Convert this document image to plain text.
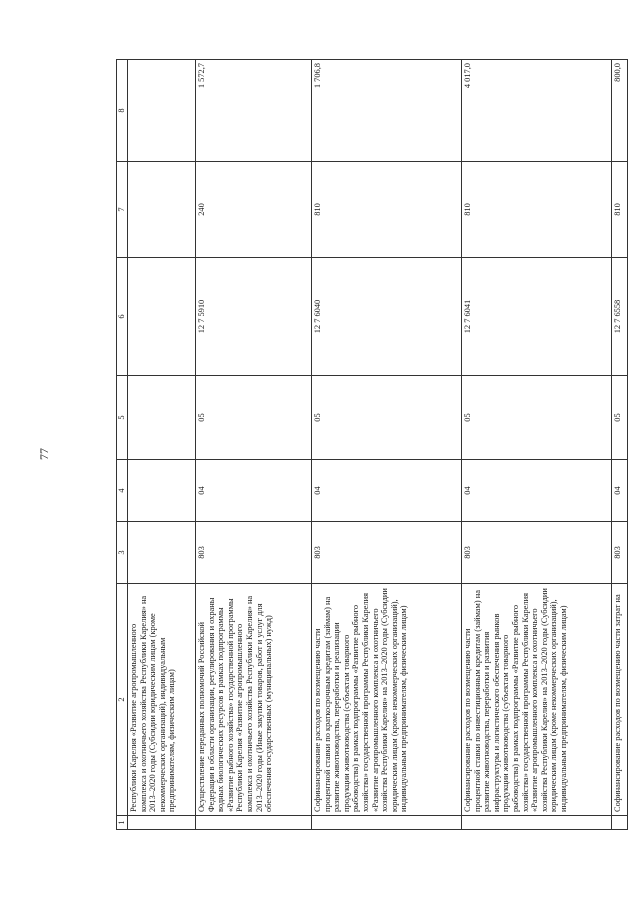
77
1	2	3	4	5	6	7	8
	Республики Карелия «Развитие агропромышленного комплекса и охотничьего хозяйства Республики Карелия» на 2013–2020 годы (Субсидии юридическим лицам (кроме некоммерческих организаций), индивидуальным предпринимателям, физическим лицам)						
	Осуществление переданных полномочий Российской Федерации в области организации, регулирования и охраны водных биологических ресурсов в рамках подпрограммы «Развитие рыбного хозяйства» государственной программы Республики Карелия «Развитие агропромышленного комплекса и охотничьего хозяйства Республики Карелия» на 2013–2020 годы (Иные закупки товаров, работ и услуг для обеспечения государственных (муниципальных) нужд)	803	04	05	12 7 5910	240	1 572,7
	Софинансирование расходов по возмещению части процентной ставки по краткосрочным кредитам (займам) на развитие животноводства, переработки и реализации продукции животноводства (субъектам товарного рыбоводства) в рамках подпрограммы «Развитие рыбного хозяйства» государственной программы Республики Карелия «Развитие агропромышленного комплекса и охотничьего хозяйства Республики Карелия» на 2013–2020 годы (Субсидии юридическим лицам (кроме некоммерческих организаций), индивидуальным предпринимателям, физическим лицам)	803	04	05	12 7 6040	810	1 706,8
	Софинансирование расходов по возмещению части процентной ставки по инвестиционным кредитам (займам) на развитие животноводства, переработки и развития инфраструктуры и логистического обеспечения рынков продукции животноводства (субъектам товарного рыбоводства) в рамках подпрограммы «Развитие рыбного хозяйства» государственной программы Республики Карелия «Развитие агропромышленного комплекса и охотничьего хозяйства Республики Карелия» на 2013–2020 годы (Субсидии юридическим лицам (кроме некоммерческих организаций), индивидуальным предпринимателям, физическим лицам)	803	04	05	12 7 6041	810	4 017,0
	Софинансирование расходов по возмещению части затрат на	803	04	05	12 7 6558	810	800,0
